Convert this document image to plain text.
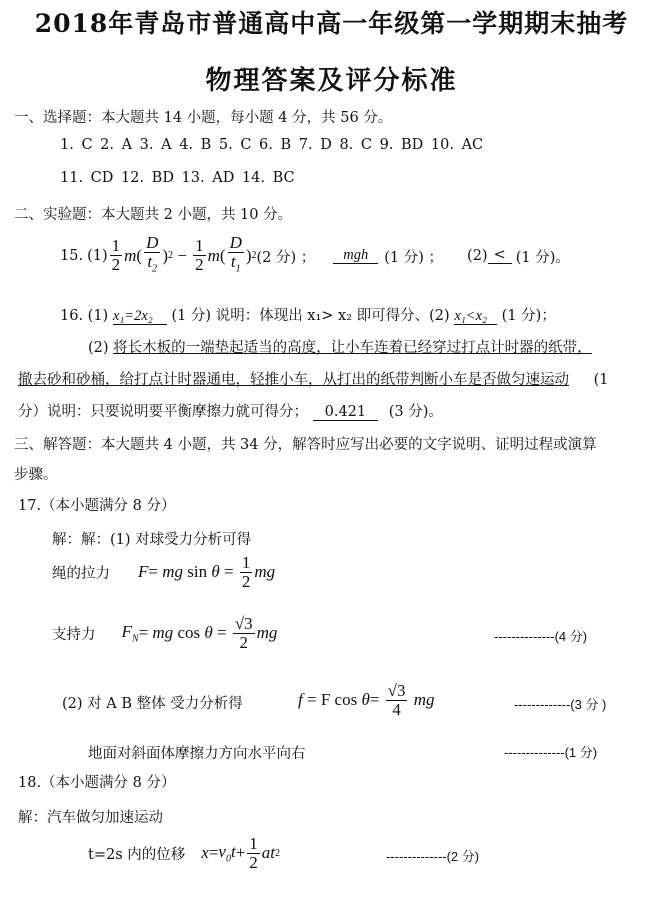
2018年青岛市普通高中高一年级第一学期期末抽考
物理答案及评分标准
一、选择题：本大题共 14 小题，每小题 4 分，共 56 分。
1. C 2. A 3. A 4. B 5. C 6. B 7. D 8. C 9. BD 10. AC
11. CD 12. BD 13. AD 14. BC
二、实验题：本大题共 2 小题，共 10 分。
15. $(1) \frac{1}{2}$ m ( $\frac{D}{t_2}$ ) $2 - \frac{1}{2}$ m ( $\frac{D}{t_1}$ ) 2 (2 分) ；	mgh	(1 分) ； (2) < (1 分)。
16. (1) x₁=2x₂ (1 分) 说明：体现出 x₁> x₂ 即可得分、(2) x₁<x₂ (1 分)；
(2) 将长木板的一端垫起适当的高度，让小车连着已经穿过打点计时器的纸带，
撤去砂和砂桶，给打点计时器通电，轻推小车，从打出的纸带判断小车是否做匀速运动 (1
分）说明：只要说明要平衡摩擦力就可得分； 0.421 (3 分)。
三、解答题：本大题共 4 小题，共 34 分，解答时应写出必要的文字说明、证明过程或演算
步骤。
17.（本小题满分 8 分）
解：解：(1) 对球受力分析可得
绳的拉力 F = mg $\sin \theta = \frac{1}{2}$ mg
支持力 $F_N$ = mg $\cos \theta = \frac{√3}{2}$ mg	--------------(4 分)
(2) 对 A B 整体 受力分析得	f = F $\cos \theta = \frac{√3}{4}$
mg	-------------(3 分 )
地面对斜面体摩擦力方向水平向右	--------------(1 分)
18.（本小题满分 8 分）
解：汽车做匀加速运动
t=2s 内的位移 $x = v_0t + \frac{1}{2}$ at 2	--------------(2 分)
